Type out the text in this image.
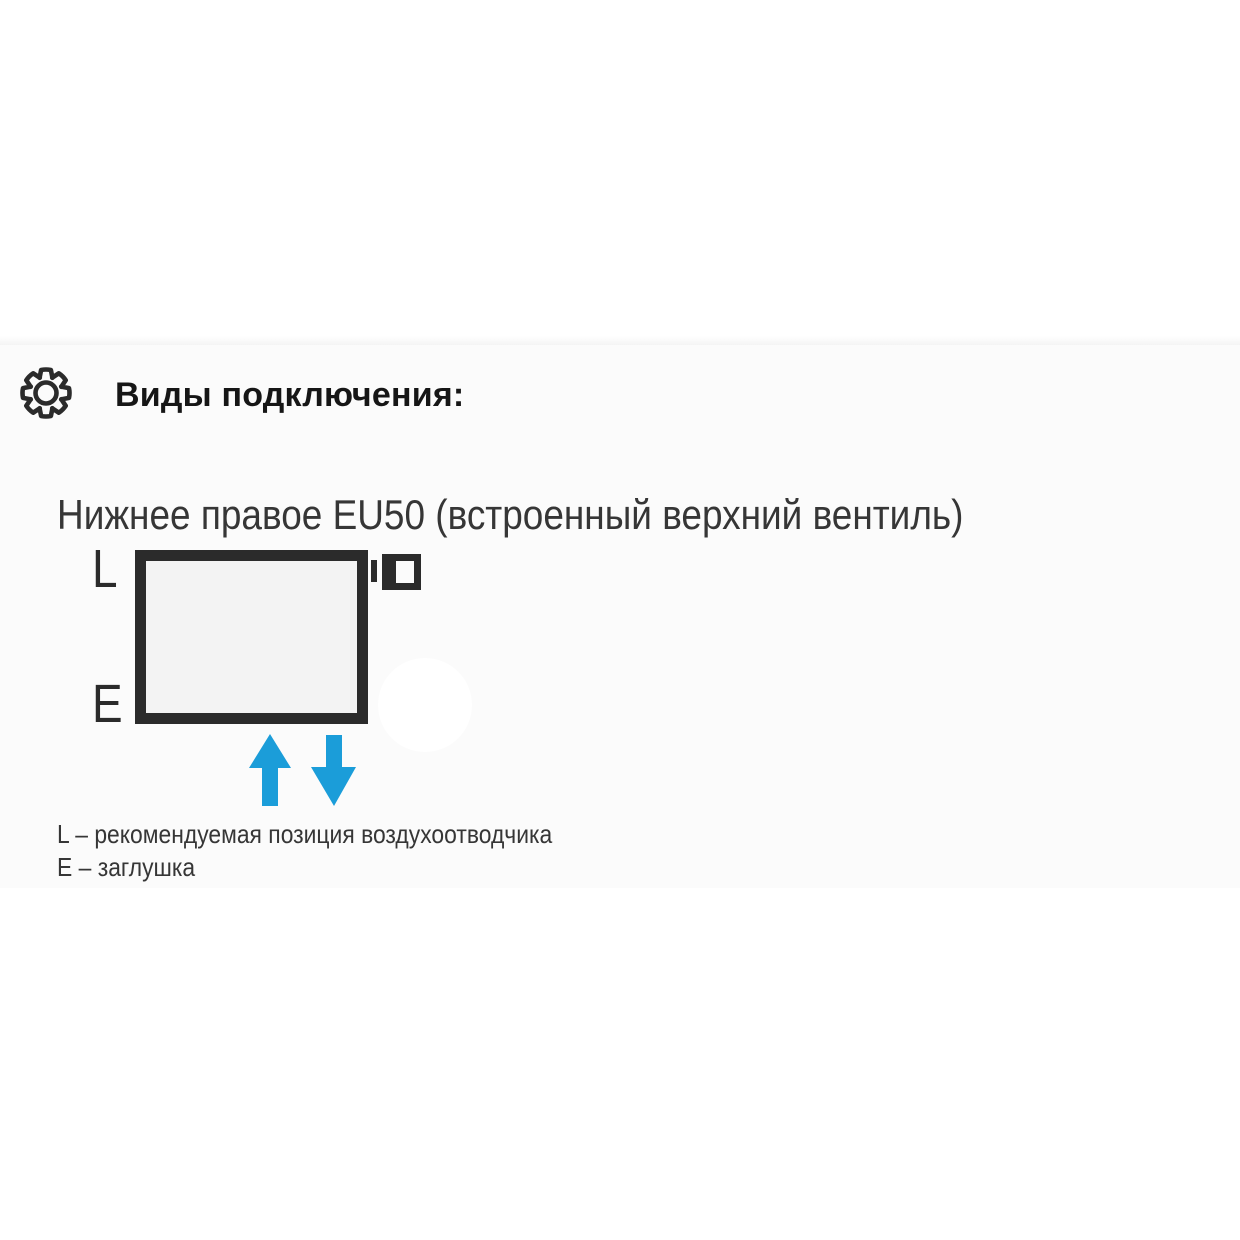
Виды подключения:
Нижнее правое EU50 (встроенный верхний вентиль)
L
E

L – рекомендуемая позиция воздухоотводчика

Е – заглушка
